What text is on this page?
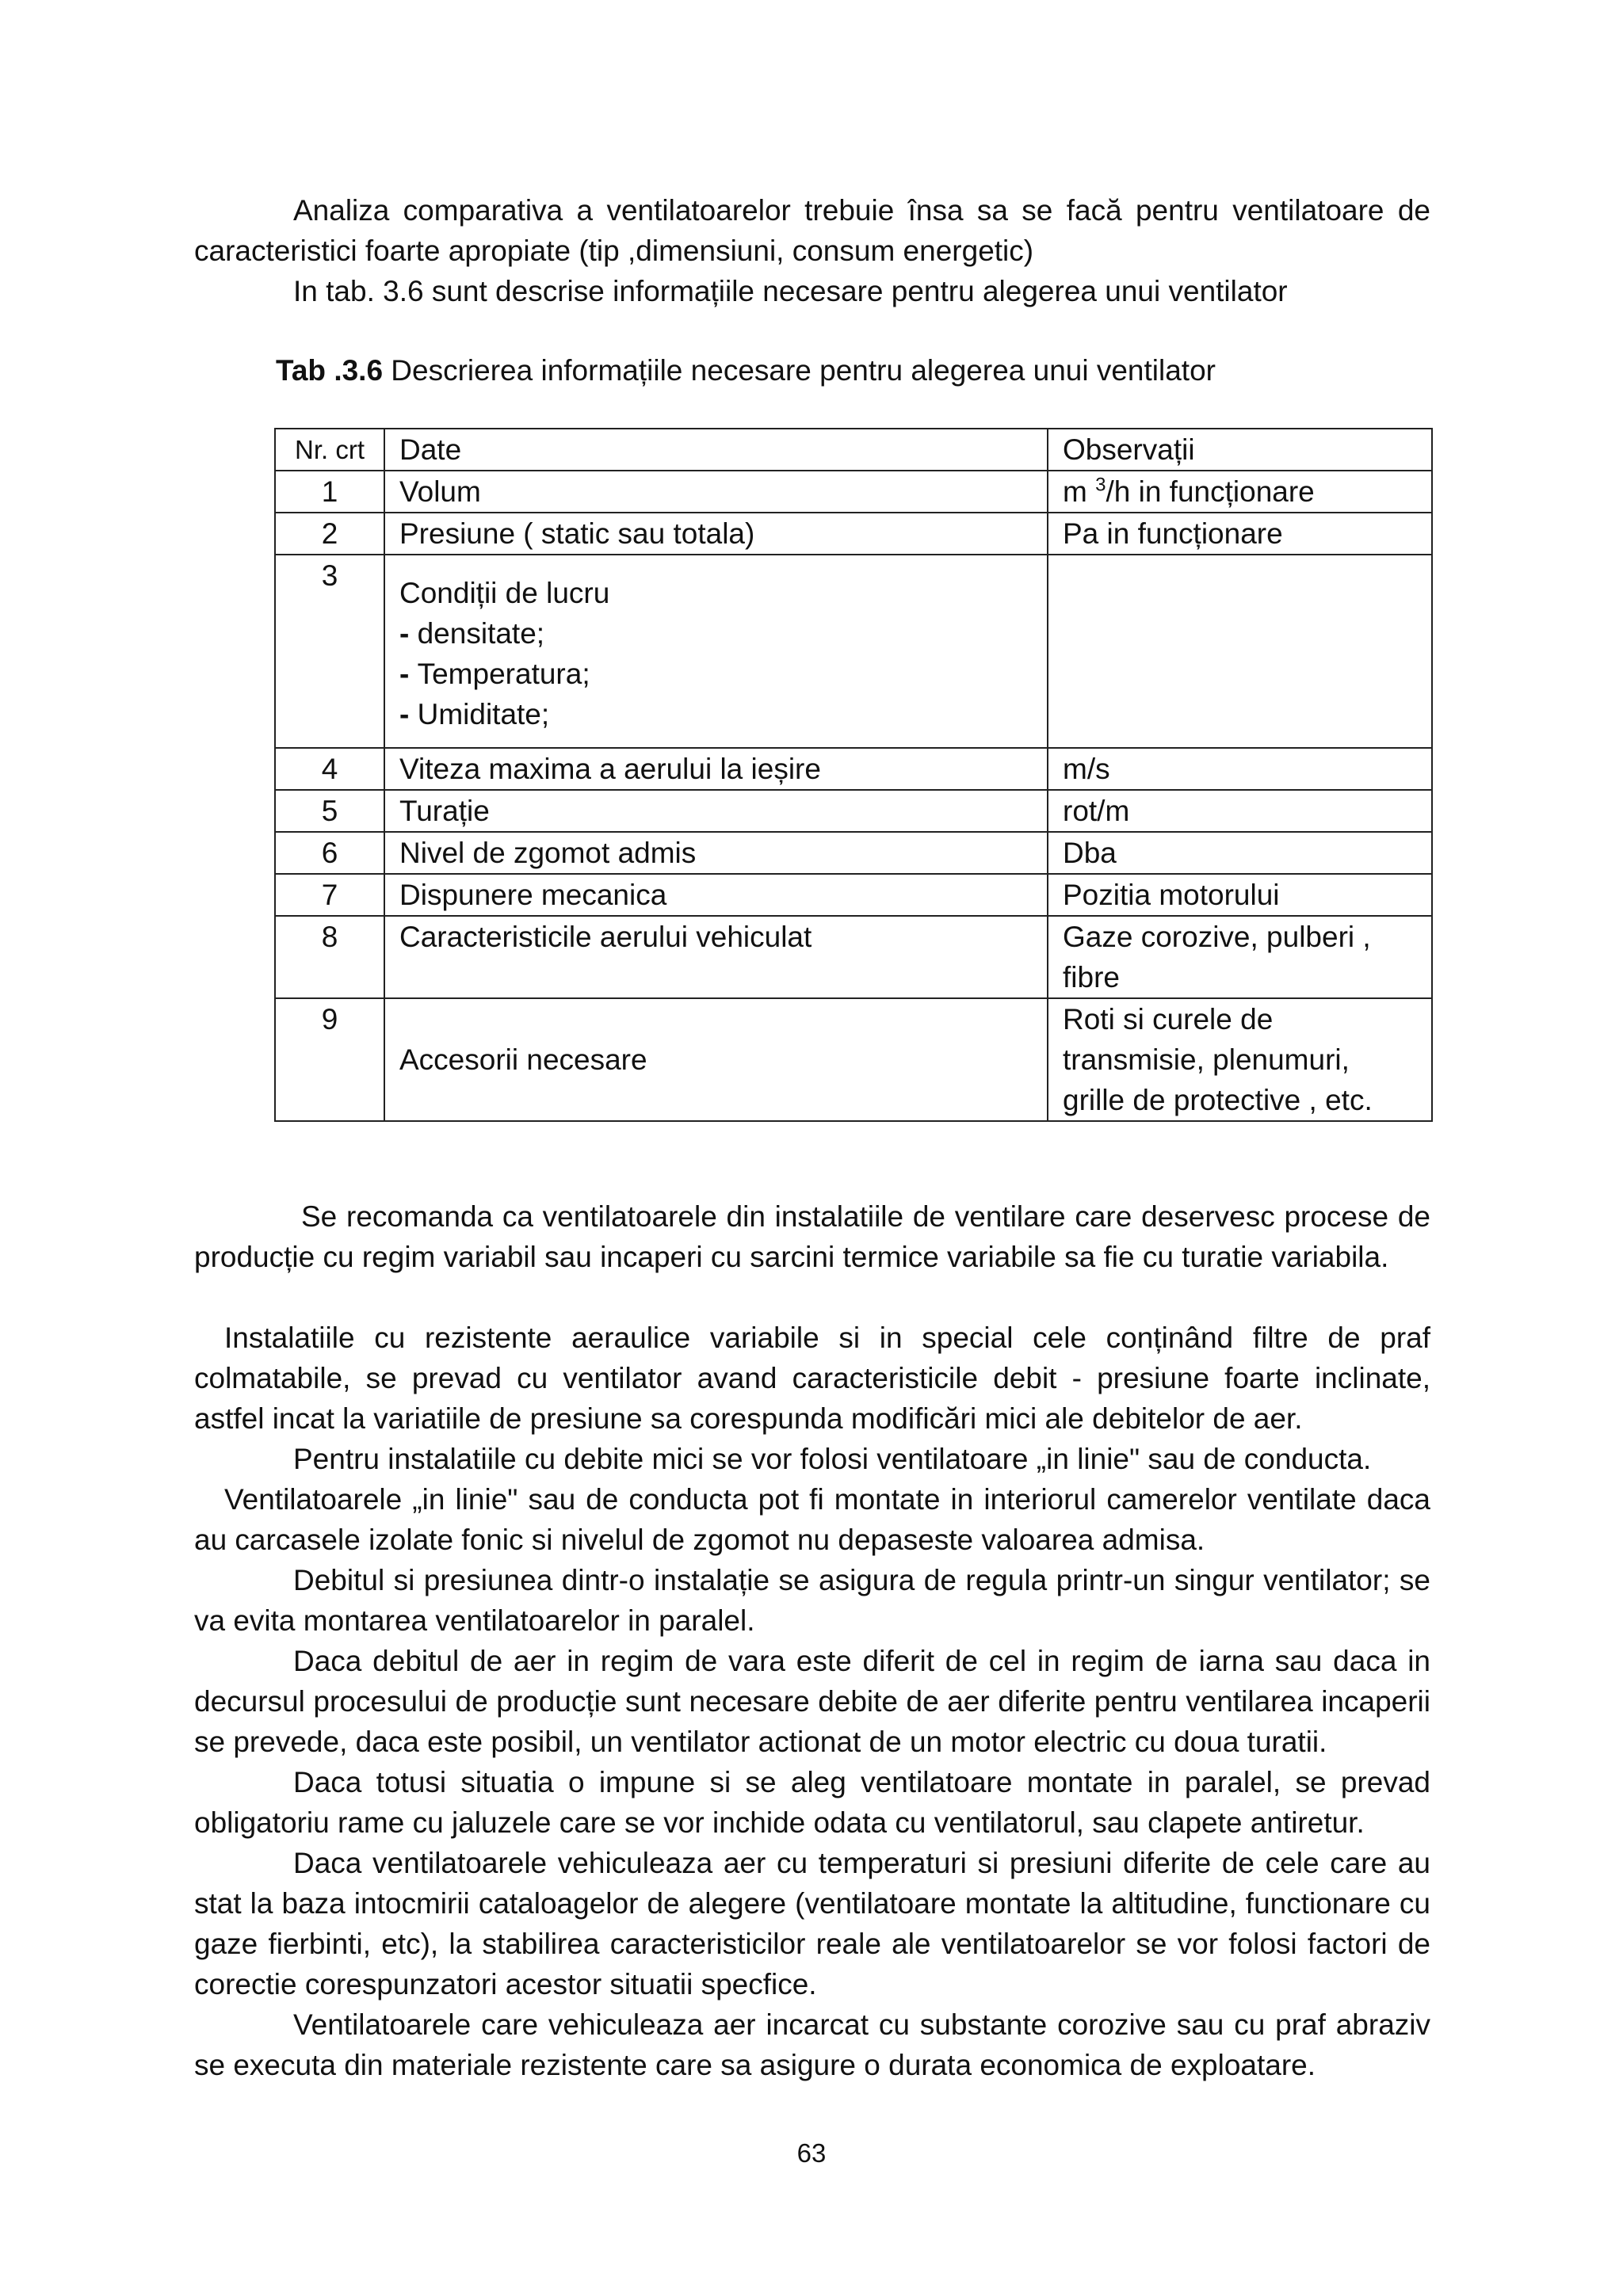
Analiza comparativa a ventilatoarelor trebuie însa sa se facă pentru ventilatoare de caracteristici foarte apropiate (tip ,dimensiuni, consum energetic)

In tab. 3.6 sunt descrise informațiile necesare pentru alegerea unui ventilator

Tab .3.6 Descrierea informațiile necesare pentru alegerea unui ventilator
Nr. crt	Date	Observații
1	Volum	m $^3$/h in funcționare
2	Presiune ( static sau totala)	Pa in funcționare
3	Condiții de lucru
- densitate;
- Temperatura;
- Umiditate;	

4	Viteza maxima a aerului la ieșire	m/s
5	Turație	rot/m
6	Nivel de zgomot admis	Dba
7	Dispunere mecanica	Pozitia motorului
8	Caracteristicile aerului vehiculat	Gaze corozive, pulberi , fibre
9	Accesorii necesare	Roti si curele de transmisie, plenumuri, grille de protective , etc.

Se recomanda ca ventilatoarele din instalatiile de ventilare care deservesc procese de producție cu regim variabil sau incaperi cu sarcini termice variabile sa fie cu turatie variabila.

Instalatiile cu rezistente aeraulice variabile si in special cele conținând filtre de praf colmatabile, se prevad cu ventilator avand caracteristicile debit - presiune foarte inclinate, astfel incat la variatiile de presiune sa corespunda modificări mici ale debitelor de aer.

Pentru instalatiile cu debite mici se vor folosi ventilatoare „in linie" sau de conducta.

Ventilatoarele „in linie" sau de conducta pot fi montate in interiorul camerelor ventilate daca au carcasele izolate fonic si nivelul de zgomot nu depaseste valoarea admisa.

Debitul si presiunea dintr-o instalație se asigura de regula printr-un singur ventilator; se va evita montarea ventilatoarelor in paralel.

Daca debitul de aer in regim de vara este diferit de cel in regim de iarna sau daca in decursul procesului de producție sunt necesare debite de aer diferite pentru ventilarea incaperii se prevede, daca este posibil, un ventilator actionat de un motor electric cu doua turatii.

Daca totusi situatia o impune si se aleg ventilatoare montate in paralel, se prevad obligatoriu rame cu jaluzele care se vor inchide odata cu ventilatorul, sau clapete antiretur.

Daca ventilatoarele vehiculeaza aer cu temperaturi si presiuni diferite de cele care au stat la baza intocmirii cataloagelor de alegere (ventilatoare montate la altitudine, functionare cu gaze fierbinti, etc), la stabilirea caracteristicilor reale ale ventilatoarelor se vor folosi factori de corectie corespunzatori acestor situatii specfice.

Ventilatoarele care vehiculeaza aer incarcat cu substante corozive sau cu praf abraziv se executa din materiale rezistente care sa asigure o durata economica de exploatare.

63
